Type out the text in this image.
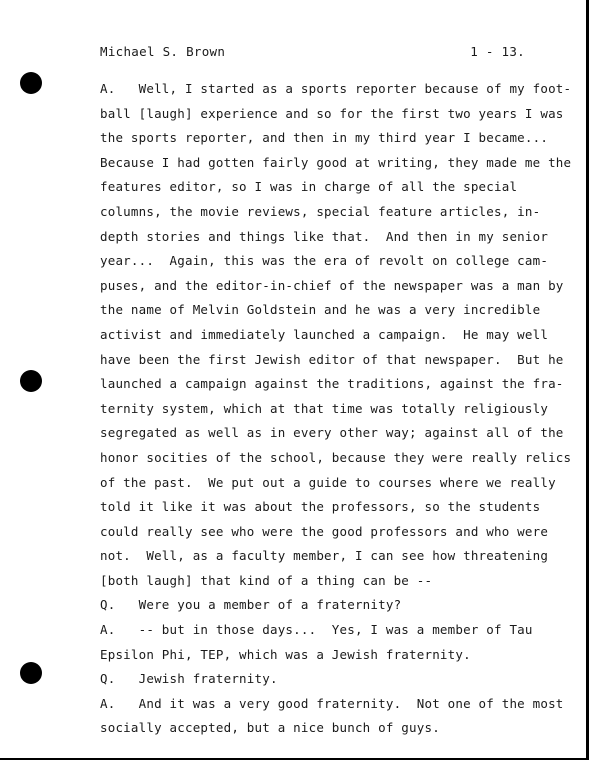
Michael S. Brown	1 - 13.
A.   Well, I started as a sports reporter because of my foot-
ball [laugh] experience and so for the first two years I was
the sports reporter, and then in my third year I became...
Because I had gotten fairly good at writing, they made me the
features editor, so I was in charge of all the special
columns, the movie reviews, special feature articles, in-
depth stories and things like that.  And then in my senior
year...  Again, this was the era of revolt on college cam-
puses, and the editor-in-chief of the newspaper was a man by
the name of Melvin Goldstein and he was a very incredible
activist and immediately launched a campaign.  He may well
have been the first Jewish editor of that newspaper.  But he
launched a campaign against the traditions, against the fra-
ternity system, which at that time was totally religiously
segregated as well as in every other way; against all of the
honor socities of the school, because they were really relics
of the past.  We put out a guide to courses where we really
told it like it was about the professors, so the students
could really see who were the good professors and who were
not.  Well, as a faculty member, I can see how threatening
[both laugh] that kind of a thing can be --
Q.   Were you a member of a fraternity?
A.   -- but in those days...  Yes, I was a member of Tau
Epsilon Phi, TEP, which was a Jewish fraternity.
Q.   Jewish fraternity.
A.   And it was a very good fraternity.  Not one of the most
socially accepted, but a nice bunch of guys.
